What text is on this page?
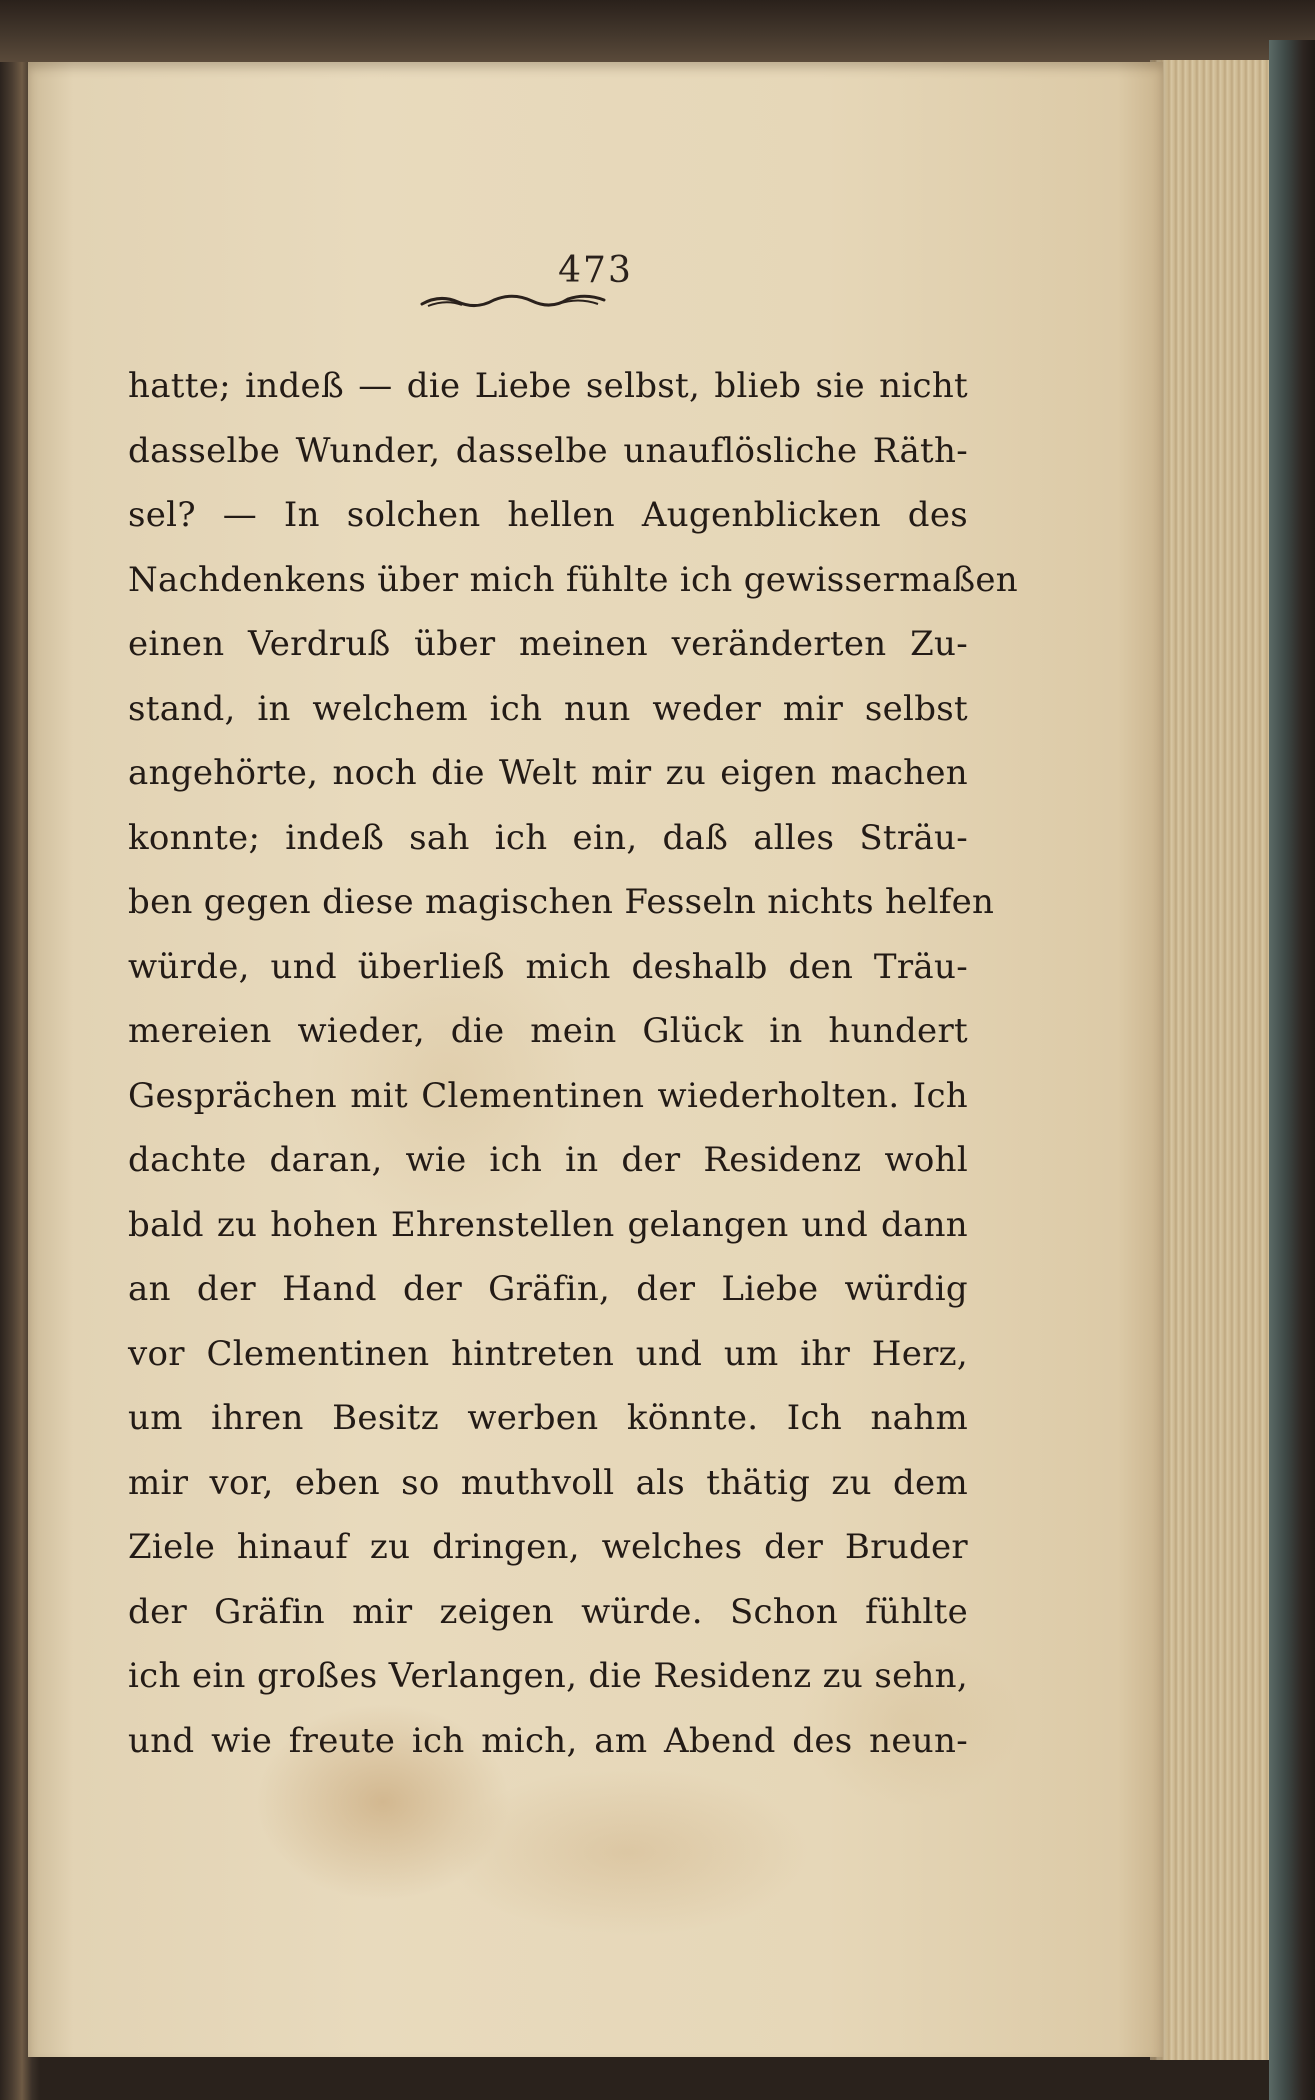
473
hatte; indeß — die Liebe selbst, blieb sie nicht
dasselbe Wunder, dasselbe unauflösliche Räth-
sel? — In solchen hellen Augenblicken des
Nachdenkens über mich fühlte ich gewissermaßen
einen Verdruß über meinen veränderten Zu-
stand, in welchem ich nun weder mir selbst
angehörte, noch die Welt mir zu eigen machen
konnte; indeß sah ich ein, daß alles Sträu-
ben gegen diese magischen Fesseln nichts helfen
würde, und überließ mich deshalb den Träu-
mereien wieder, die mein Glück in hundert
Gesprächen mit Clementinen wiederholten. Ich
dachte daran, wie ich in der Residenz wohl
bald zu hohen Ehrenstellen gelangen und dann
an der Hand der Gräfin, der Liebe würdig
vor Clementinen hintreten und um ihr Herz,
um ihren Besitz werben könnte. Ich nahm
mir vor, eben so muthvoll als thätig zu dem
Ziele hinauf zu dringen, welches der Bruder
der Gräfin mir zeigen würde. Schon fühlte
ich ein großes Verlangen, die Residenz zu sehn,
und wie freute ich mich, am Abend des neun-
